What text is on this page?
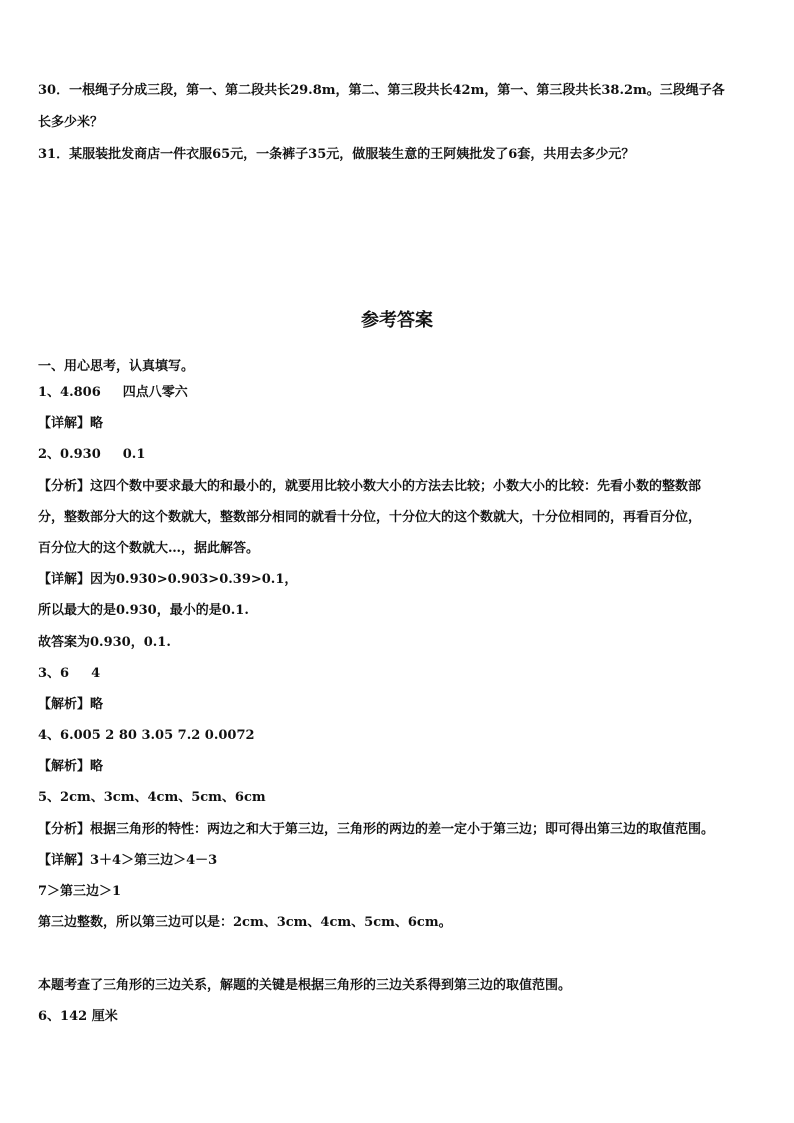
30．一根绳子分成三段，第一、第二段共长29.8m，第二、第三段共长42m，第一、第三段共长38.2m。三段绳子各
长多少米？
31．某服装批发商店一件衣服65元，一条裤子35元，做服装生意的王阿姨批发了6套，共用去多少元？
参考答案
一、用心思考，认真填写。
1、4.806 四点八零六
【详解】略
2、0.930 0.1
【分析】这四个数中要求最大的和最小的，就要用比较小数大小的方法去比较；小数大小的比较：先看小数的整数部
分，整数部分大的这个数就大，整数部分相同的就看十分位，十分位大的这个数就大，十分位相同的，再看百分位，
百分位大的这个数就大…，据此解答。
【详解】因为0.930>0.903>0.39>0.1，
所以最大的是0.930，最小的是0.1.
故答案为0.930，0.1.
3、6 4
【解析】略
4、6.005 2 80 3.05 7.2 0.0072
【解析】略
5、2cm、3cm、4cm、5cm、6cm
【分析】根据三角形的特性：两边之和大于第三边，三角形的两边的差一定小于第三边；即可得出第三边的取值范围。
【详解】3＋4＞第三边＞4－3
7＞第三边＞1
第三边整数，所以第三边可以是：2cm、3cm、4cm、5cm、6cm。
本题考查了三角形的三边关系，解题的关键是根据三角形的三边关系得到第三边的取值范围。
6、142 厘米
